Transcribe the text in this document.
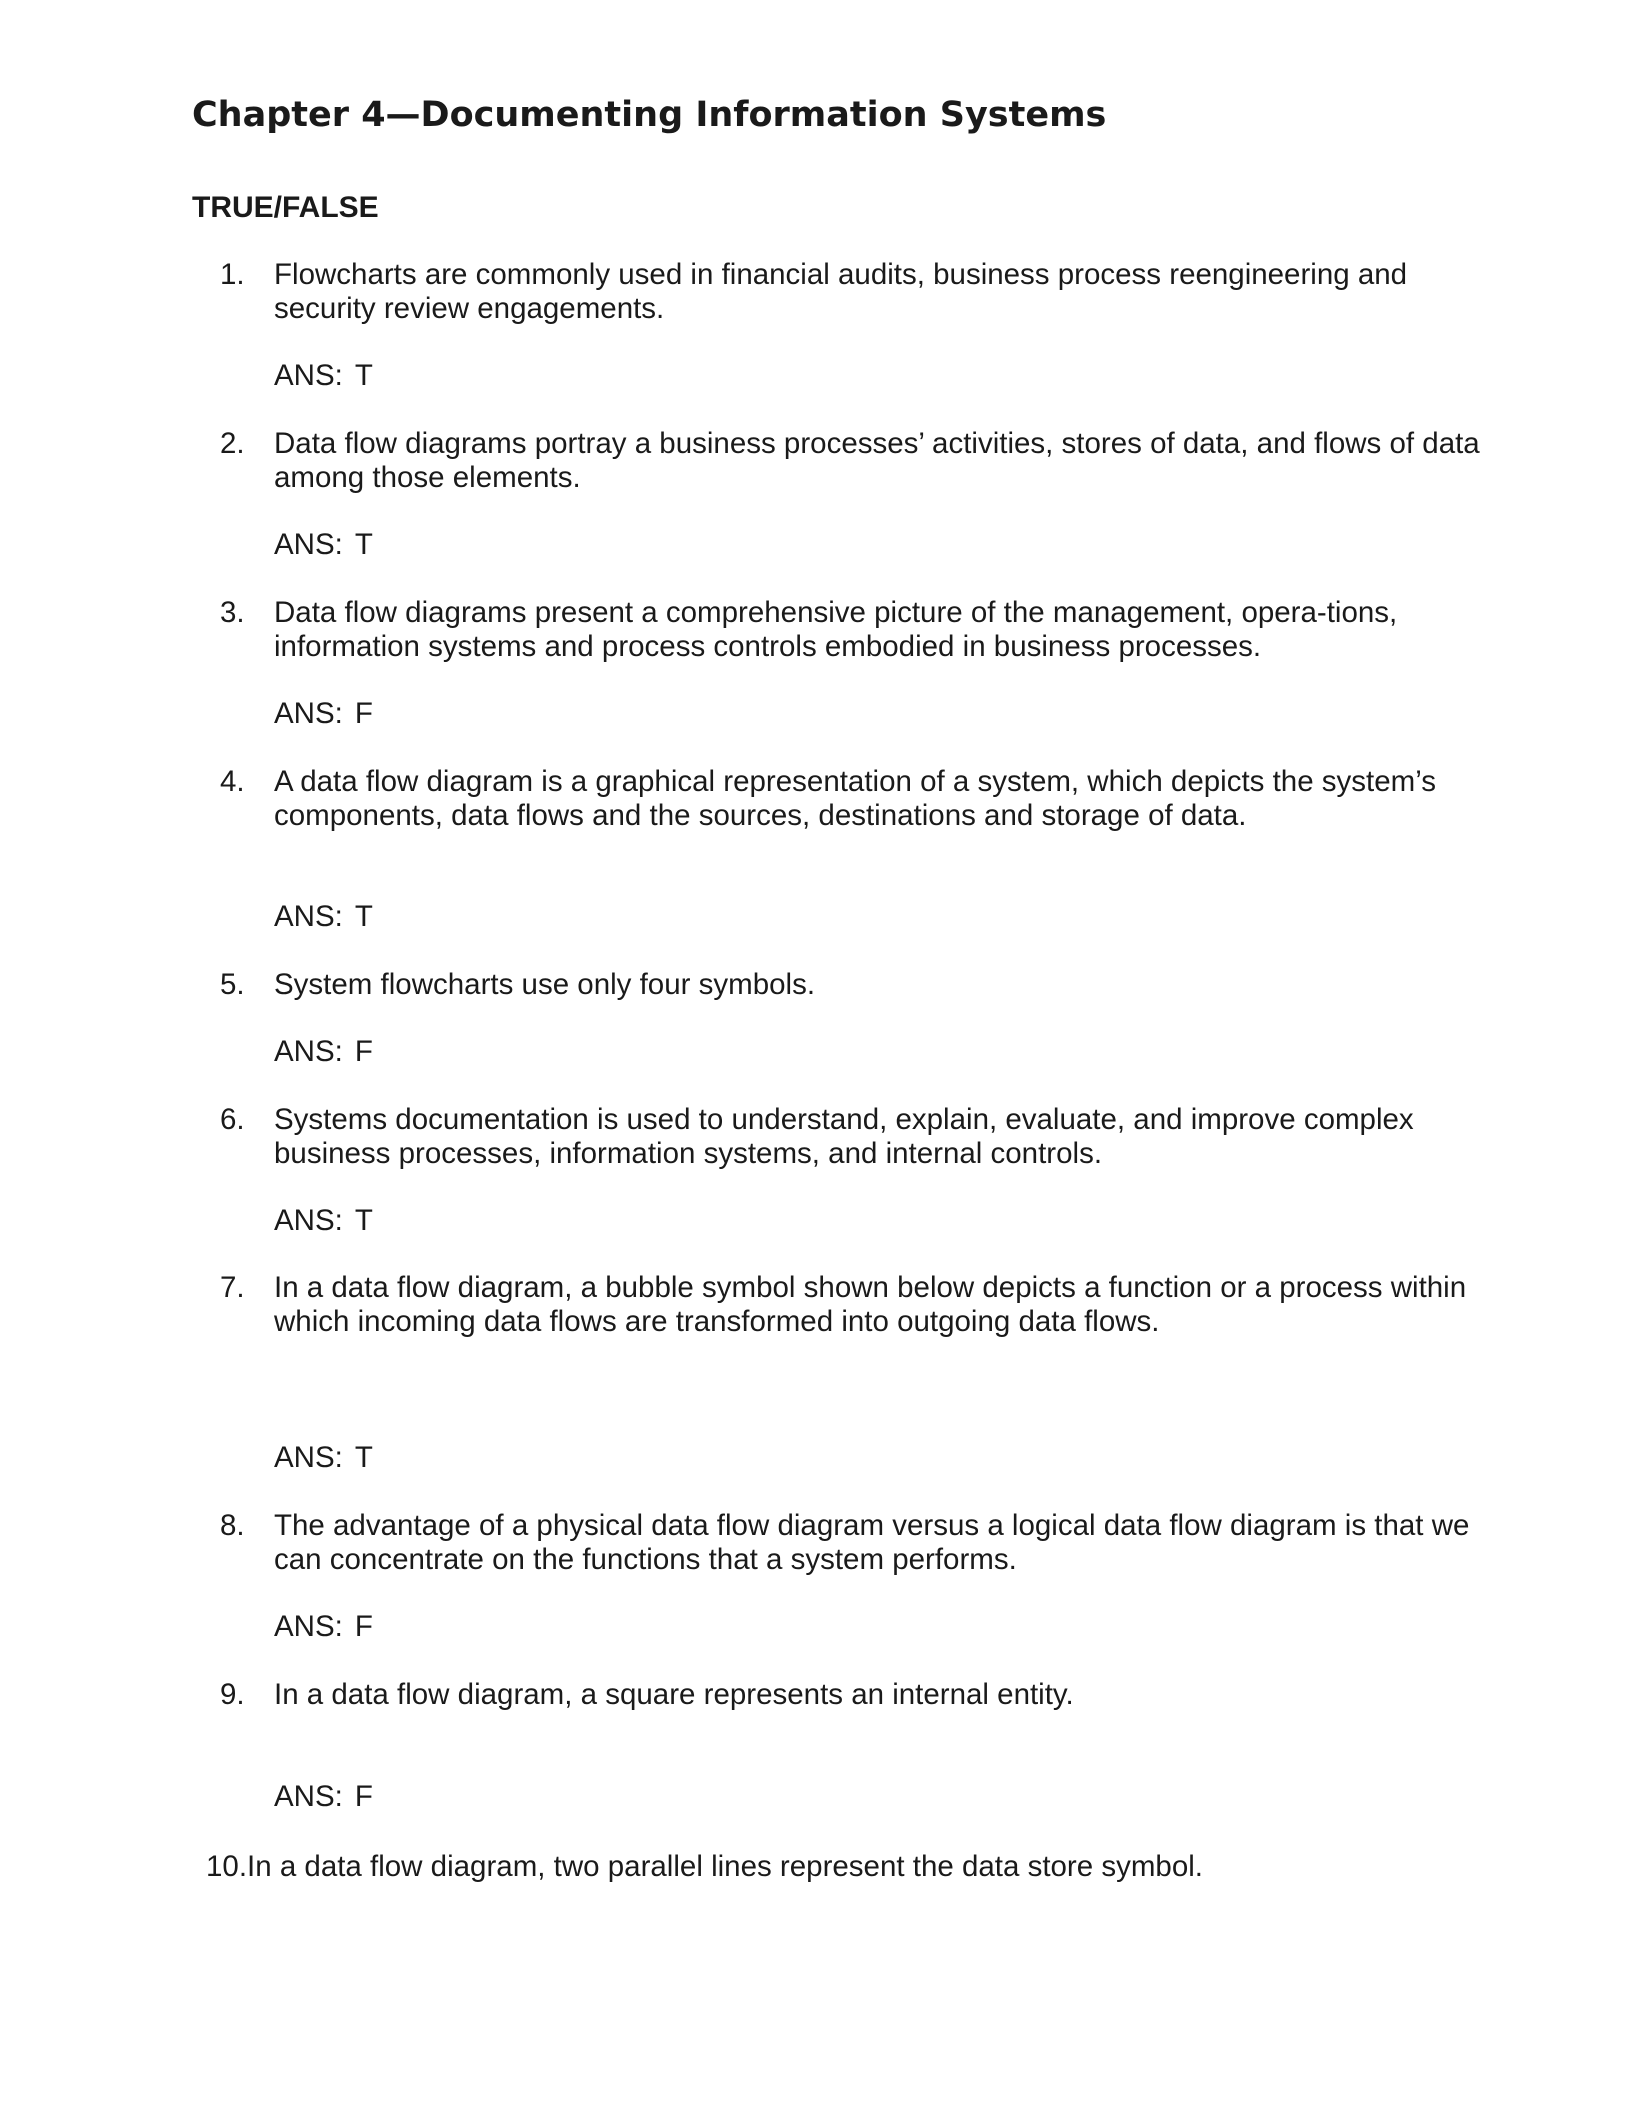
Chapter 4—Documenting Information Systems
TRUE/FALSE
1. Flowcharts are commonly used in financial audits, business process reengineering and security review engagements.
ANS: T
2. Data flow diagrams portray a business processes’ activities, stores of data, and flows of data among those elements.
ANS: T
3. Data flow diagrams present a comprehensive picture of the management, opera-tions, information systems and process controls embodied in business processes.
ANS: F
4. A data flow diagram is a graphical representation of a system, which depicts the system’s components, data flows and the sources, destinations and storage of data.
ANS: T
5. System flowcharts use only four symbols.
ANS: F
6. Systems documentation is used to understand, explain, evaluate, and improve complex business processes, information systems, and internal controls.
ANS: T
7. In a data flow diagram, a bubble symbol shown below depicts a function or a process within which incoming data flows are transformed into outgoing data flows.
ANS: T
8. The advantage of a physical data flow diagram versus a logical data flow diagram is that we can concentrate on the functions that a system performs.
ANS: F
9. In a data flow diagram, a square represents an internal entity.
ANS: F
10.In a data flow diagram, two parallel lines represent the data store symbol.
